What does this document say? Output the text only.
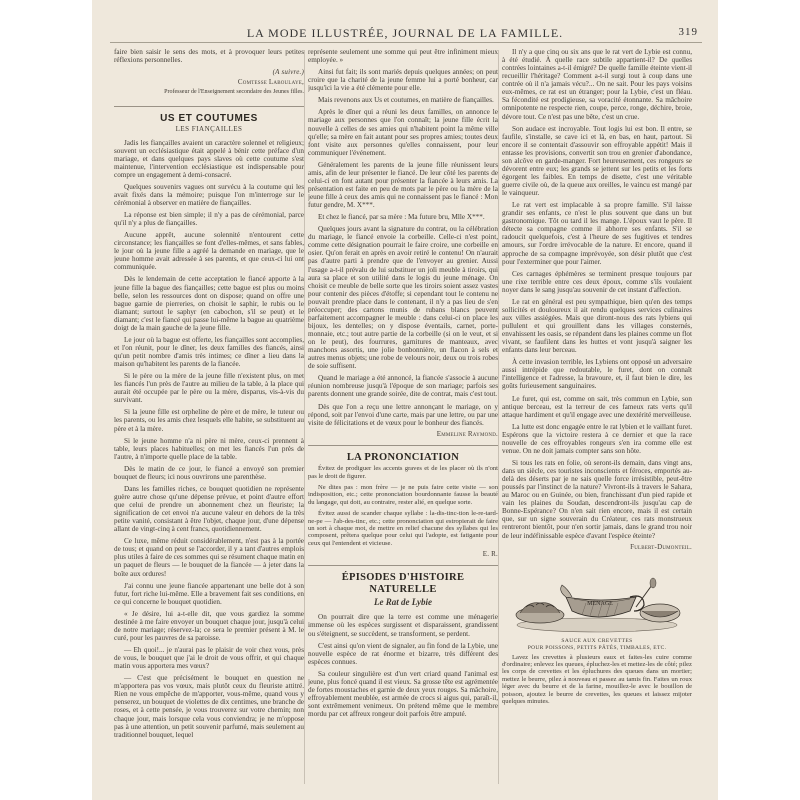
LA MODE ILLUSTRÉE, JOURNAL DE LA FAMILLE.	319

faire bien saisir le sens des mots, et à provoquer leurs petites réflexions personnelles.

(A suivre.)

Comtesse Laboulaye,

Professeur de l'Enseignement secondaire des Jeunes filles.

US ET COUTUMES
LES FIANÇAILLES

Jadis les fiançailles avaient un caractère solennel et religieux; souvent un ecclésiastique était appelé à bénir cette préface d'un mariage, et dans quelques pays slaves où cette coutume s'est maintenue, l'intervention ecclésiastique est indispensable pour compre un engagement à demi-consacré.

Quelques souvenirs vagues ont survécu à la coutume qui les avait fixés dans la mémoire; puisque l'on m'interroge sur le cérémonial à observer en matière de fiançailles.

La réponse est bien simple; il n'y a pas de cérémonial, parce qu'il n'y a plus de fiançailles.

Aucune apprêt, aucune solennité n'entourent cette circonstance; les fiançailles se font d'elles-mêmes, et sans fables, le jour où la jeune fille a agréé la demande en mariage, que le jeune homme avait adressée à ses parents, et que ceux-ci lui ont communiquée.

Dès le lendemain de cette acceptation le fiancé apporte à la jeune fille la bague des fiançailles; cette bague est plus ou moins belle, selon les ressources dont on dispose; quand on offre une bague garnie de pierreries, on choisit le saphir, le rubis ou le diamant; surtout le saphyr (en cabochon, s'il se peut) et le diamant; c'est le fiancé qui passe lui-même la bague au quatrième doigt de la main gauche de la jeune fille.

Le jour où la bague est offerte, les fiançailles sont accomplies, et l'on réunit, pour le dîner, les deux familles des fiancés, ainsi qu'un petit nombre d'amis très intimes; ce dîner a lieu dans la maison qu'habitent les parents de la fiancée.

Si le père ou la mère de la jeune fille n'existent plus, on met les fiancés l'un près de l'autre au milieu de la table, à la place qui aurait été occupée par le père ou la mère, disparus, vis-à-vis du survivant.

Si la jeune fille est orpheline de père et de mère, le tuteur ou les parents, ou les amis chez lesquels elle habite, se substituent au père et à la mère.

Si le jeune homme n'a ni père ni mère, ceux-ci prennent à table, leurs places habituelles; on met les fiancés l'un près de l'autre, à n'importe quelle place de la table.

Dès le matin de ce jour, le fiancé a envoyé son premier bouquet de fleurs; ici nous ouvrirons une parenthèse.

Dans les familles riches, ce bouquet quotidien ne représente guère autre chose qu'une dépense prévue, et point d'autre effort que celui de prendre un abonnement chez un fleuriste; la signification de cet envoi n'a aucune valeur en dehors de la très petite vanité, consistant à être l'objet, chaque jour, d'une dépense allant de vingt-cinq à cent francs, quotidiennement.

Ce luxe, même réduit considérablement, n'est pas à la portée de tous; et quand on peut se l'accorder, il y a tant d'autres emplois plus utiles à faire de ces sommes qui se résument chaque matin en un paquet de fleurs — le bouquet de la fiancée — à jeter dans la boîte aux ordures!

J'ai connu une jeune fiancée appartenant une belle dot à son futur, fort riche lui-même. Elle a bravement fait ses conditions, en ce qui concerne le bouquet quotidien.

« Je désire, lui a-t-elle dit, que vous gardiez la somme destinée à me faire envoyer un bouquet chaque jour, jusqu'à celui de notre mariage; réservez-la; ce sera le premier présent à M. le curé, pour les pauvres de sa paroisse.

— Eh quoi!... je n'aurai pas le plaisir de voir chez vous, près de vous, le bouquet que j'ai le droit de vous offrir, et qui chaque matin vous apportera mes vœux?

— C'est que précisément le bouquet en question ne m'apportera pas vos vœux, mais plutôt ceux du fleuriste attitré. Rien ne vous empêche de m'apporter, vous-même, quand vous y penserez, un bouquet de violettes de dix centimes, une branche de roses, et à cette pensée, je vous trouverez sur votre chemin; non chaque jour, mais lorsque cela vous conviendra; je ne m'oppose pas à une attention, un petit souvenir parfumé, mais seulement au traditionnel bouquet, lequel

représente seulement une somme qui peut être infiniment mieux employée. »

Ainsi fut fait; ils sont mariés depuis quelques années; on peut croire que la charité de la jeune femme lui a porté bonheur, car jusqu'ici la vie a été clémente pour elle.

Mais revenons aux Us et coutumes, en matière de fiançailles.

Après le dîner qui a réuni les deux familles, on annonce le mariage aux personnes que l'on connaît; la jeune fille écrit la nouvelle à celles de ses amies qui n'habitent point la même ville qu'elle; sa mère en fait autant pour ses propres amies; toutes deux font visite aux personnes qu'elles connaissent, pour leur communiquer l'événement.

Généralement les parents de la jeune fille réunissent leurs amis, afin de leur présenter le fiancé. De leur côté les parents de celui-ci en font autant pour présenter la fiancée à leurs amis. La présentation est faite en peu de mots par le père ou la mère de la jeune fille à ceux des amis qui ne connaissent pas le fiancé : Mon futur gendre, M. X***.

Et chez le fiancé, par sa mère : Ma future bru, Mlle X***.

Quelques jours avant la signature du contrat, ou la célébration du mariage, le fiancé envoie la corbeille. Celle-ci n'est point, comme cette désignation pourrait le faire croire, une corbeille en osier. Qu'on ferait en après en avoir retiré le contenu! On n'aurait pas d'autre parti à prendre que de l'envoyer au grenier. Aussi l'usage a-t-il prévalu de lui substituer un joli meuble à tiroirs, qui aura sa place et son utilité dans le logis du jeune ménage. On choisit ce meuble de belle sorte que les tiroirs soient assez vastes pour contenir des pièces d'étoffe; si cependant tout le contenu ne pouvait prendre place dans le contenant, il n'y a pas lieu de s'en préoccuper; des cartons munis de rubans blancs peuvent parfaitement accompagner le meuble : dans celui-ci on place les bijoux, les dentelles; on y dispose éventails, carnet, porte-monnaie, etc.; tout autre partie de la corbeille (si on le veut, et si on le peut), des fourrures, garnitures de manteaux, avec manchons assortis, une jolie bonbonnière, un flacon à sels et autres menus objets; une robe de velours noir, deux ou trois robes de soie suffisent.

Quand le mariage a été annoncé, la fiancée s'associe à aucune réunion nombreuse jusqu'à l'époque de son mariage; parfois ses parents donnent une grande soirée, dite de contrat, mais c'est tout.

Dès que l'on a reçu une lettre annonçant le mariage, on y répond, soit par l'envoi d'une carte, mais par une lettre, ou par une visite de félicitations et de vœux pour le bonheur des fiancés.

Emmeline Raymond.

LA PRONONCIATION

Évitez de prodiguer les accents graves et de les placer où ils n'ont pas le droit de figurer.

Ne dites pas : mon frère — je ne puis faire cette visite — son indisposition, etc.; cette prononciation bourdonnante fausse la beauté du langage, qui doit, au contraire, rester alié, en quelque sorte.

Évitez aussi de scander chaque syllabe : la-dis-tinc-tion le-re-tard-ne-pe — l'ab-des-tinc, etc.; cette prononciation qui estropierait de faire un sort à chaque mot, de mettre en relief chacune des syllabes qui les composent, prêtera quelque pour celui qui l'adopte, est fatigante pour ceux qui l'entendent et vicieuse.

E. R.

ÉPISODES D'HISTOIRE NATURELLE
Le Rat de Lybie

On pourrait dire que la terre est comme une ménagerie immense où les espèces surgissent et disparaissent, grandissent ou s'éteignent, se succèdent, se transforment, se perdent.

C'est ainsi qu'on vient de signaler, au fin fond de la Lybie, une nouvelle espèce de rat énorme et bizarre, très différent des espèces connues.

Sa couleur singulière est d'un vert criard quand l'animal est jeune, plus foncé quand il est vieux. Sa grosse tête est agrémentée de fortes moustaches et garnie de deux yeux rouges. Sa mâchoire, effroyablement meublée, est armée de crocs si aigus qui, paraît-il, sont extrêmement venimeux. On prétend même que le membre mordu par cet affreux rongeur doit parfois être amputé.

Il n'y a que cinq ou six ans que le rat vert de Lybie est connu, à été étudié. À quelle race subtile appartient-il? De quelles contrées lointaines a-t-il émigré? De quelle famille éteinte vient-il recueillir l'héritage? Comment a-t-il surgi tout à coup dans une contrée où il n'a jamais vécu?... On ne sait. Pour les pays voisins eux-mêmes, ce rat est un étranger; pour la Lybie, c'est un fléau. Sa fécondité est prodigieuse, sa voracité étonnante. Sa mâchoire omnipotente ne respecte rien, coupe, perce, ronge, déchire, broie, dévore tout. Ce n'est pas une bête, c'est un crue.

Son audace est incroyable. Tout logis lui est bon. Il entre, se faufile, s'installe, se cave ici et là, en bas, en haut, partout. Si encore il se contentait d'assouvir son effroyable appétit! Mais il entasse les provisions, convertit son trou en grenier d'abondance, son alcôve en garde-manger. Fort heureusement, ces rongeurs se dévorent entre eux; les grands se jettent sur les petits et les forts égorgent les faibles. En temps de disette, c'est une véritable guerre civile où, de la queue aux oreilles, le vaincu est mangé par le vainqueur.

Le rat vert est implacable à sa propre famille. S'il laisse grandir ses enfants, ce n'est le plus souvent que dans un but gastronomique. Tôt ou tard il les mange. L'époux vaut le père. Il détecte sa compagne comme il abhorre ses enfants. S'il se radoucit quelquefois, c'est à l'heure de ses fugitives et tendres amours, sur l'ordre irrévocable de la nature. Et encore, quand il approche de sa compagne imprévoyée, son désir plutôt que c'est pour l'exterminer que pour l'aimer.

Ces carnages éphémères se terminent presque toujours par une rixe terrible entre ces deux époux, comme s'ils voulaient noyer dans le sang jusqu'au souvenir de cet instant d'affection.

Le rat en général est peu sympathique, bien qu'en des temps sollicités et douloureux il ait rendu quelques services culinaires aux villes assiégées. Mais que diront-nous des rats lybiens qui pullulent et qui grouillent dans les villages consternés, envahissent les oasis, se répandent dans les plaines comme un flot vivant, se faufilent dans les huttes et vont jusqu'à saigner les enfants dans leur berceau.

À cette invasion terrible, les Lybiens ont opposé un adversaire aussi intrépide que redoutable, le furet, dont on connaît l'intelligence et l'adresse, la bravoure, et, il faut bien le dire, les goûts furieusement sanguinaires.

Le furet, qui est, comme on sait, très commun en Lybie, son antique berceau, est la terreur de ces fameux rats verts qu'il attaque hardiment et qu'il engage avec une dextérité merveilleuse.

La lutte est donc engagée entre le rat lybien et le vaillant furet. Espérons que la victoire restera à ce dernier et que la race nouvelle de ces effroyables rongeurs s'en ira comme elle est venue. On ne doit jamais compter sans son hôte.

Si tous les rats en folie, où seront-ils demain, dans vingt ans, dans un siècle, ces touristes inconscients et féroces, emportés au-delà des déserts par je ne sais quelle force irrésistible, peut-être poussés par l'instinct de la nature? Vivront-ils à travers le Sahara, au Maroc ou en Guinée, ou bien, franchissant d'un pied rapide et vain les plaines du Soudan, descendront-ils jusqu'au cap de Bonne-Espérance? On n'en sait rien encore, mais il est certain que, sur un signe souverain du Créateur, ces rats monstrueux rentreront bientôt, pour n'en sortir jamais, dans le grand trou noir de leur indéfinissable espèce d'avant l'espèce éteinte?

Fulbert-Dumonteil.

MÉNAGE

SAUCE AUX CREVETTES

POUR POISSONS, PETITS PÂTÉS, TIMBALES, ETC.

Lavez les crevettes à plusieurs eaux et faites-les cuire comme d'ordinaire; enlevez les queues, épluchez-les et mettez-les de côté; pilez les corps de crevettes et les épluchures des queues dans un mortier; mettez le beurre, pilez à nouveau et passez au tamis fin. Faites un roux léger avec du beurre et de la farine, mouillez-le avec le bouillon de poisson, ajoutez le beurre de crevettes, les queues et laissez mijoter quelques minutes.
